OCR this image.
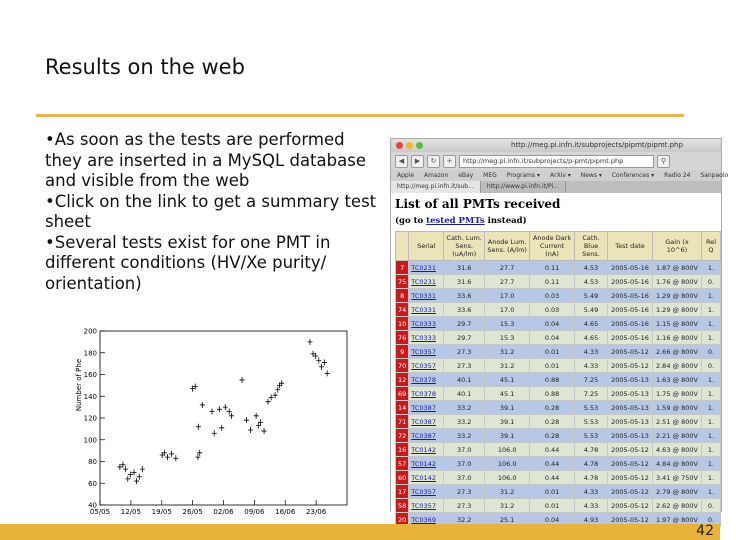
Results on the web

•As soon as the tests are performed they are inserted in a MySQL database and visible from the web

•Click on the link to get a summary test sheet

•Several tests exist for one PMT in different conditions (HV/Xe purity/ orientation)

40
60
80
100
120
140
160
180
200
05/05 12/05 19/05 26/05 02/06 09/06 16/06 23/06
Number of Phe
http://meg.pi.infn.it/subprojects/pipmt/pipmt.php
◀	▶	↻	+	http://meg.pi.infn.it/subprojects/p-pmt/pipmt.php	⚲
Apple Amazon eBay MEG Programs ▾ ArXiv ▾ News ▾ Conferences ▾ Radio 24 Sanpaolo
http://meg.pi.infn.it/sub...	http://www.pi.infn.it/Pi...
List of all PMTs received
(go to tested PMTs instead)
	Serial	Cath. Lum. Sens. (uA/lm)	Anode Lum. Sens. (A/lm)	Anode Dark Current (nA)	Cath. Blue Sens.	Test date	Gain (x 10^6)	Rel Q
7	TC0231	31.6	27.7	0.11	4.53	2005-05-16	1.87 @ 800V	1.
75	TC0231	31.6	27.7	0.11	4.53	2005-05-16	1.76 @ 800V	0.
8	TC0331	33.6	17.0	0.03	5.49	2005-05-16	1.29 @ 800V	1.
74	TC0331	33.6	17.0	0.03	5.49	2005-05-16	1.29 @ 800V	1.
10	TC0333	29.7	15.3	0.04	4.65	2005-05-16	1.15 @ 800V	1.
76	TC0333	29.7	15.3	0.04	4.65	2005-05-16	1.16 @ 800V	1.
9	TC0357	27.3	31.2	0.01	4.33	2005-05-12	2.66 @ 800V	0.
70	TC0357	27.3	31.2	0.01	4.33	2005-05-12	2.84 @ 800V	0.
12	TC0378	40.1	45.1	0.88	7.25	2005-05-13	1.63 @ 800V	1.
69	TC0378	40.1	45.1	0.88	7.25	2005-05-13	1.75 @ 800V	1.
14	TC0387	33.2	39.1	0.28	5.53	2005-05-13	1.59 @ 800V	1.
71	TC0387	33.2	39.1	0.28	5.53	2005-05-13	2.51 @ 800V	1.
72	TC0387	33.2	39.1	0.28	5.53	2005-05-13	2.21 @ 800V	1.
16	TC0142	37.0	106.0	0.44	4.78	2005-05-12	4.63 @ 800V	1.
57	TC0142	37.0	106.0	0.44	4.78	2005-05-12	4.84 @ 800V	1.
60	TC0142	37.0	106.0	0.44	4.78	2005-05-12	3.41 @ 750V	1.
17	TC0357	27.3	31.2	0.01	4.33	2005-05-12	2.79 @ 800V	1.
58	TC0357	27.3	31.2	0.01	4.33	2005-05-12	2.62 @ 800V	0.
20	TC0369	32.2	25.1	0.04	4.93	2005-05-12	1.97 @ 800V	0.
42
